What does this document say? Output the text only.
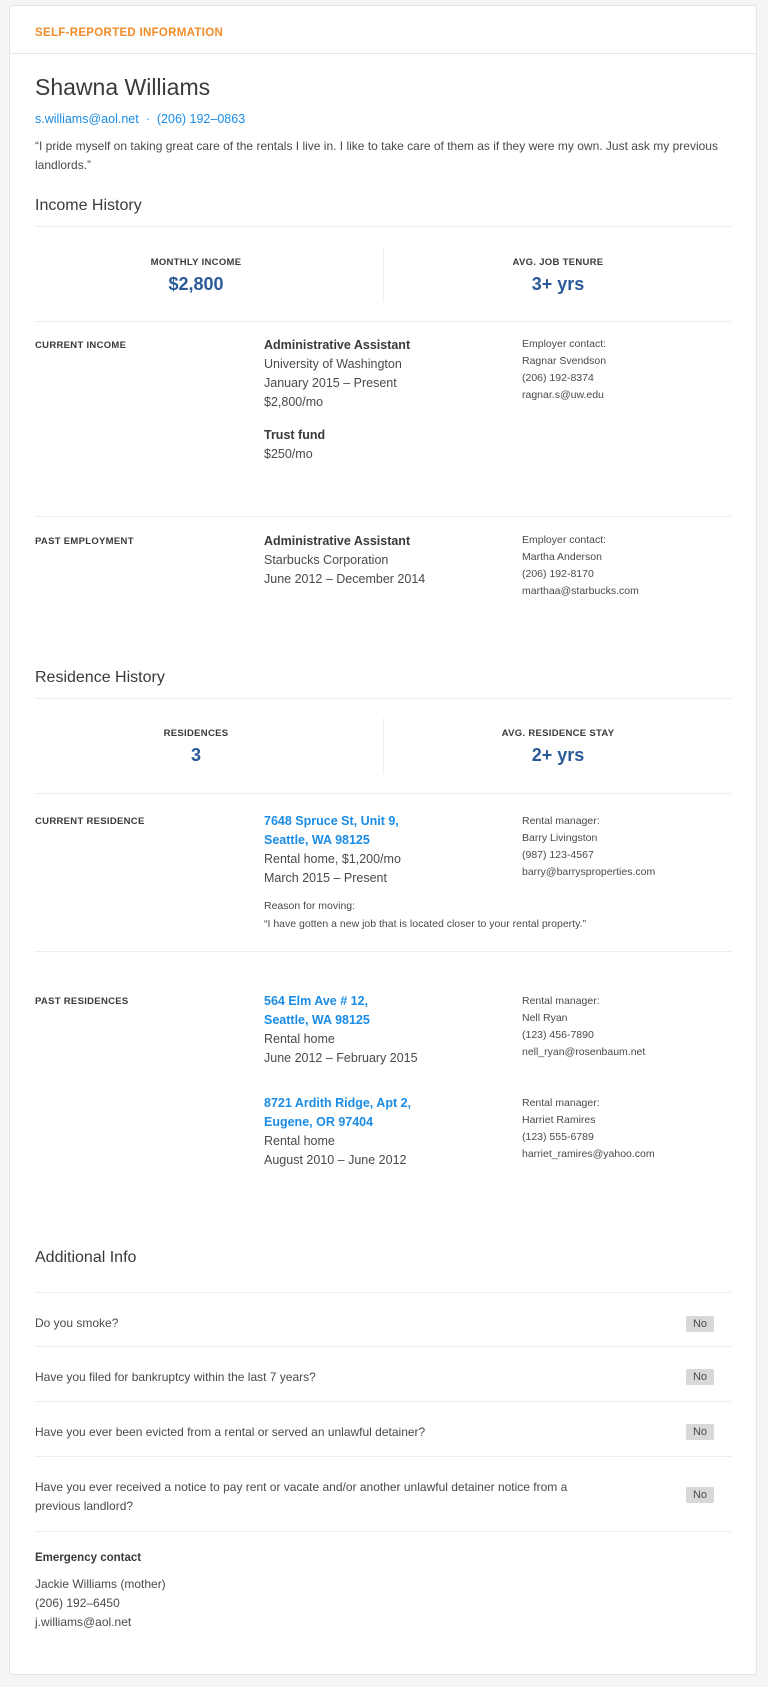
SELF-REPORTED INFORMATION
Shawna Williams
s.williams@aol.net · (206) 192–0863
“I pride myself on taking great care of the rentals I live in. I like to take care of them as if they were my own. Just ask my previous landlords.”
Income History
MONTHLY INCOME
$2,800
AVG. JOB TENURE
3+ yrs
CURRENT INCOME	Administrative Assistant
University of Washington
January 2015 – Present
$2,800/mo
Trust fund
$250/mo
Employer contact:
Ragnar Svendson
(206) 192-8374
ragnar.s@uw.edu
PAST EMPLOYMENT	Administrative Assistant
Starbucks Corporation
June 2012 – December 2014
Employer contact:
Martha Anderson
(206) 192-8170
marthaa@starbucks.com
Residence History
RESIDENCES
3
AVG. RESIDENCE STAY
2+ yrs
CURRENT RESIDENCE	7648 Spruce St, Unit 9,
Seattle, WA 98125
Rental home, $1,200/mo
March 2015 – Present
Reason for moving:
“I have gotten a new job that is located closer to your rental property.”
Rental manager:
Barry Livingston
(987) 123-4567
barry@barrysproperties.com
PAST RESIDENCES	564 Elm Ave # 12,
Seattle, WA 98125
Rental home
June 2012 – February 2015
Rental manager:
Nell Ryan
(123) 456-7890
nell_ryan@rosenbaum.net
8721 Ardith Ridge, Apt 2,
Eugene, OR 97404
Rental home
August 2010 – June 2012
Rental manager:
Harriet Ramires
(123) 555-6789
harriet_ramires@yahoo.com
Additional Info
Do you smoke?	No
Have you filed for bankruptcy within the last 7 years?	No
Have you ever been evicted from a rental or served an unlawful detainer?	No
Have you ever received a notice to pay rent or vacate and/or another unlawful detainer notice from a previous landlord?
No
Emergency contact
Jackie Williams (mother)
(206) 192–6450
j.williams@aol.net
